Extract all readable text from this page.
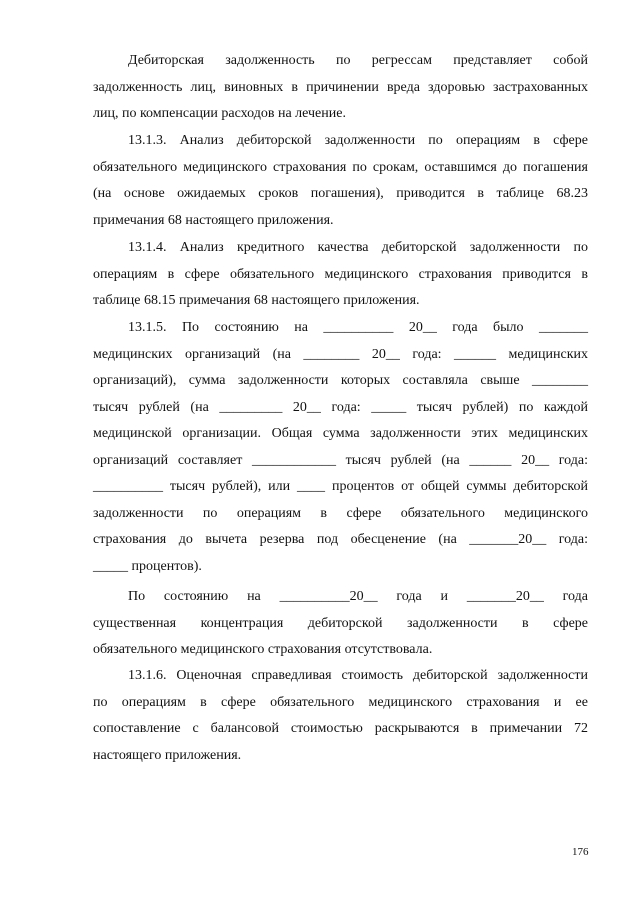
Дебиторская задолженность по регрессам представляет собой
задолженность лиц, виновных в причинении вреда здоровью застрахованных
лиц, по компенсации расходов на лечение.
13.1.3. Анализ дебиторской задолженности по операциям в сфере
обязательного медицинского страхования по срокам, оставшимся до погашения
(на основе ожидаемых сроков погашения), приводится в таблице 68.23
примечания 68 настоящего приложения.
13.1.4. Анализ кредитного качества дебиторской задолженности по
операциям в сфере обязательного медицинского страхования приводится в
таблице 68.15 примечания 68 настоящего приложения.
13.1.5. По состоянию на __________ 20__ года было _______
медицинских организаций (на ________ 20__ года: ______ медицинских
организаций), сумма задолженности которых составляла свыше ________
тысяч рублей (на _________ 20__ года: _____ тысяч рублей) по каждой
медицинской организации. Общая сумма задолженности этих медицинских
организаций составляет ____________ тысяч рублей (на ______ 20__ года:
__________ тысяч рублей), или ____ процентов от общей суммы дебиторской
задолженности по операциям в сфере обязательного медицинского
страхования до вычета резерва под обесценение (на _______20__ года:
_____ процентов).
По состоянию на __________20__ года и _______20__ года
существенная концентрация дебиторской задолженности в сфере
обязательного медицинского страхования отсутствовала.
13.1.6. Оценочная справедливая стоимость дебиторской задолженности
по операциям в сфере обязательного медицинского страхования и ее
сопоставление с балансовой стоимостью раскрываются в примечании 72
настоящего приложения.
176
